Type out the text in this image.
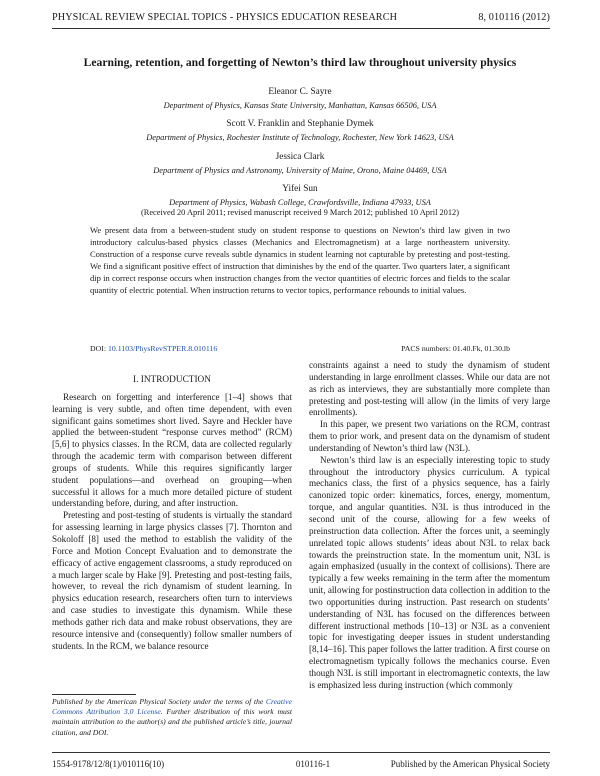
PHYSICAL REVIEW SPECIAL TOPICS - PHYSICS EDUCATION RESEARCH	8, 010116 (2012)
Learning, retention, and forgetting of Newton’s third law throughout university physics
Eleanor C. Sayre
Department of Physics, Kansas State University, Manhattan, Kansas 66506, USA
Scott V. Franklin and Stephanie Dymek
Department of Physics, Rochester Institute of Technology, Rochester, New York 14623, USA
Jessica Clark
Department of Physics and Astronomy, University of Maine, Orono, Maine 04469, USA
Yifei Sun
Department of Physics, Wabash College, Crawfordsville, Indiana 47933, USA
(Received 20 April 2011; revised manuscript received 9 March 2012; published 10 April 2012)
We present data from a between-student study on student response to questions on Newton’s third law given in two introductory calculus-based physics classes (Mechanics and Electromagnetism) at a large northeastern university. Construction of a response curve reveals subtle dynamics in student learning not capturable by pretesting and post-testing. We find a significant positive effect of instruction that diminishes by the end of the quarter. Two quarters later, a significant dip in correct response occurs when instruction changes from the vector quantities of electric forces and fields to the scalar quantity of electric potential. When instruction returns to vector topics, performance rebounds to initial values.
DOI: 10.1103/PhysRevSTPER.8.010116	PACS numbers: 01.40.Fk, 01.30.lb
I. INTRODUCTION

Research on forgetting and interference [1–4] shows that learning is very subtle, and often time dependent, with even significant gains sometimes short lived. Sayre and Heckler have applied the between-student “response curves method” (RCM) [5,6] to physics classes. In the RCM, data are collected regularly through the academic term with comparison between different groups of students. While this requires significantly larger student populations—and overhead on grouping—when successful it allows for a much more detailed picture of student understanding before, during, and after instruction.

Pretesting and post-testing of students is virtually the standard for assessing learning in large physics classes [7]. Thornton and Sokoloff [8] used the method to establish the validity of the Force and Motion Concept Evaluation and to demonstrate the efficacy of active engagement classrooms, a study reproduced on a much larger scale by Hake [9]. Pretesting and post-testing fails, however, to reveal the rich dynamism of student learning. In physics education research, researchers often turn to interviews and case studies to investigate this dynamism. While these methods gather rich data and make robust observations, they are resource intensive and (consequently) follow smaller numbers of students. In the RCM, we balance resource

constraints against a need to study the dynamism of student understanding in large enrollment classes. While our data are not as rich as interviews, they are substantially more complete than pretesting and post-testing will allow (in the limits of very large enrollments).

In this paper, we present two variations on the RCM, contrast them to prior work, and present data on the dynamism of student understanding of Newton’s third law (N3L).

Newton’s third law is an especially interesting topic to study throughout the introductory physics curriculum. A typical mechanics class, the first of a physics sequence, has a fairly canonized topic order: kinematics, forces, energy, momentum, torque, and angular quantities. N3L is thus introduced in the second unit of the course, allowing for a few weeks of preinstruction data collection. After the forces unit, a seemingly unrelated topic allows students’ ideas about N3L to relax back towards the preinstruction state. In the momentum unit, N3L is again emphasized (usually in the context of collisions). There are typically a few weeks remaining in the term after the momentum unit, allowing for postinstruction data collection in addition to the two opportunities during instruction. Past research on students’ understanding of N3L has focused on the differences between different instructional methods [10–13] or N3L as a convenient topic for investigating deeper issues in student understanding [8,14–16]. This paper follows the latter tradition. A first course on electromagnetism typically follows the mechanics course. Even though N3L is still important in electromagnetic contexts, the law is emphasized less during instruction (which commonly

Published by the American Physical Society under the terms of the Creative Commons Attribution 3.0 License. Further distribution of this work must maintain attribution to the author(s) and the published article’s title, journal citation, and DOI.
1554-9178/12/8(1)/010116(10)	010116-1	Published by the American Physical Society
